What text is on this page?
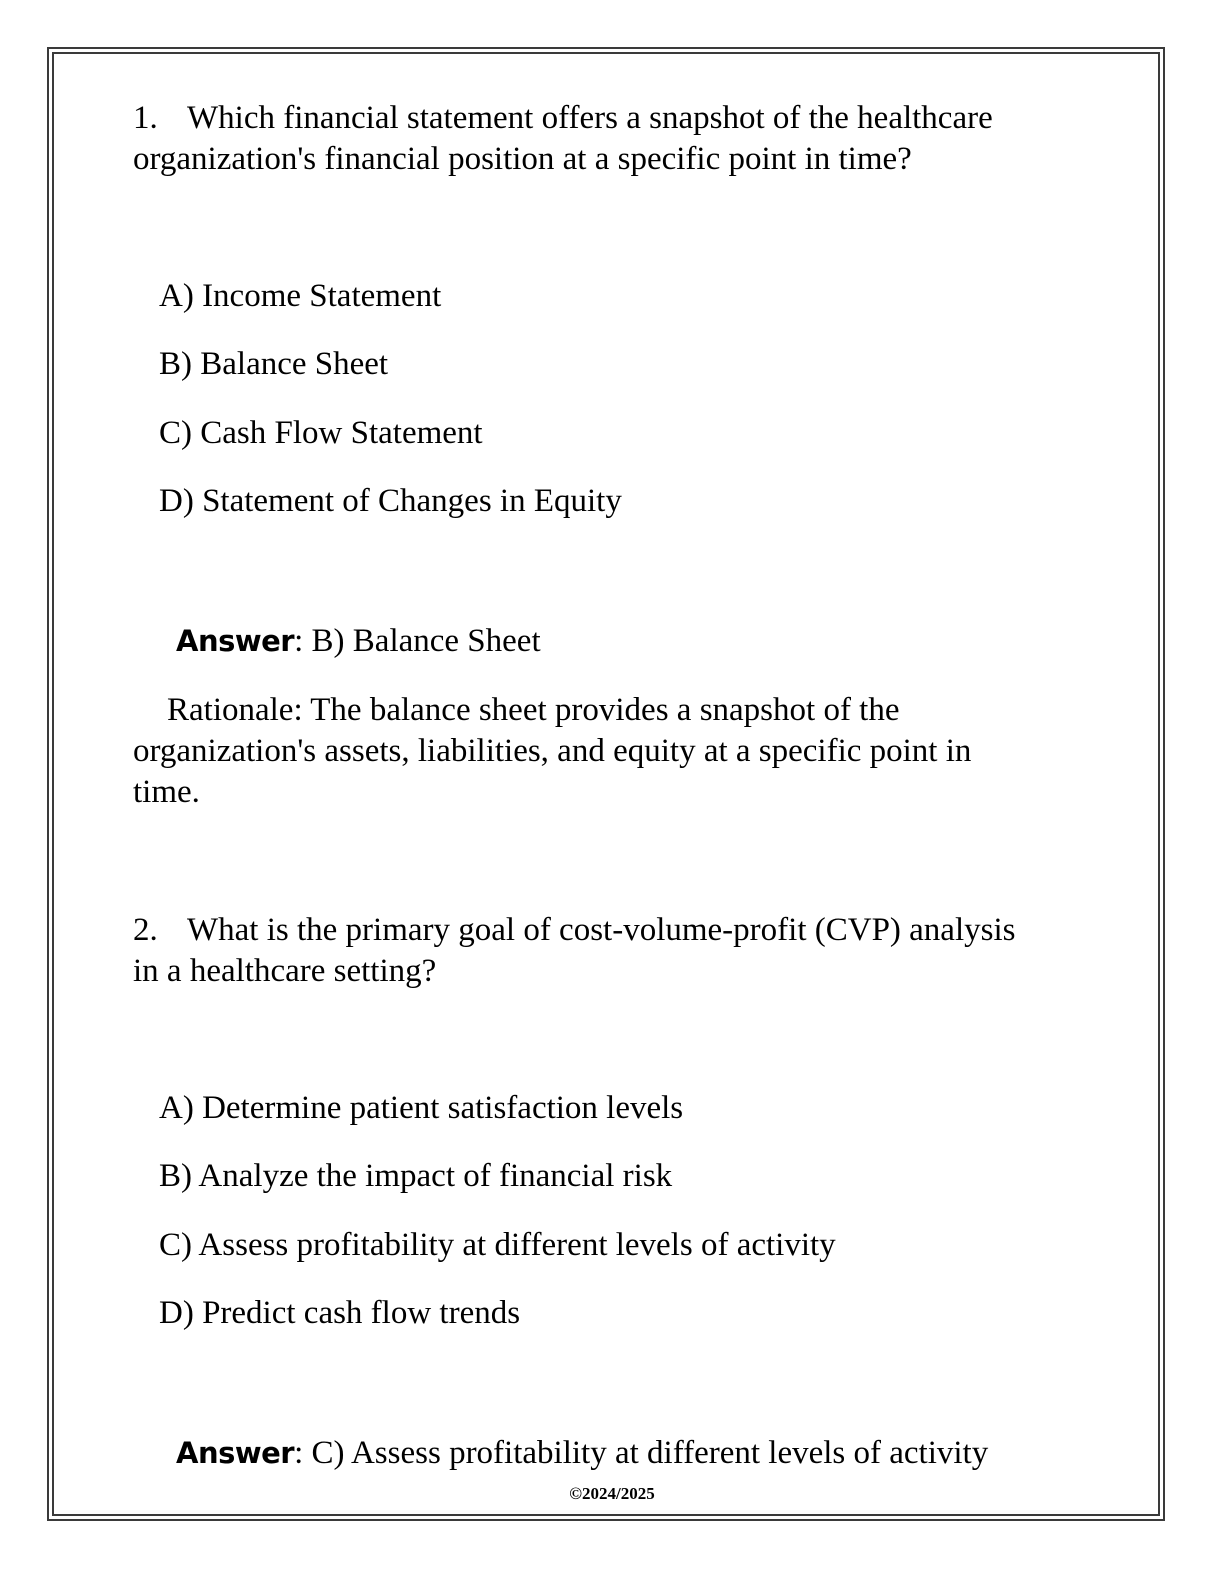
1. Which financial statement offers a snapshot of the healthcare

organization's financial position at a specific point in time?

A) Income Statement

B) Balance Sheet

C) Cash Flow Statement

D) Statement of Changes in Equity

Answer: B) Balance Sheet

Rationale: The balance sheet provides a snapshot of the

organization's assets, liabilities, and equity at a specific point in

time.

2. What is the primary goal of cost-volume-profit (CVP) analysis

in a healthcare setting?

A) Determine patient satisfaction levels

B) Analyze the impact of financial risk

C) Assess profitability at different levels of activity

D) Predict cash flow trends

Answer: C) Assess profitability at different levels of activity

©2024/2025
